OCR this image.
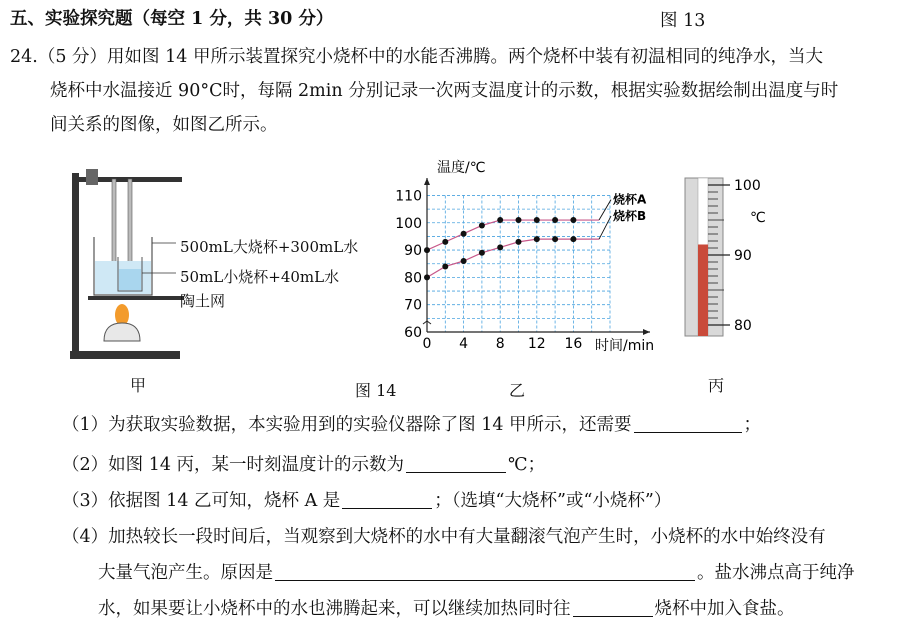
五、实验探究题（每空 1 分，共 30 分）	图 13
24.（5 分）用如图 14 甲所示装置探究小烧杯中的水能否沸腾。两个烧杯中装有初温相同的纯净水，当大
烧杯中水温接近 90°C时，每隔 2min 分别记录一次两支温度计的示数，根据实验数据绘制出温度与时
间关系的图像，如图乙所示。
500mL大烧杯+300mL水
50mL小烧杯+40mL水
陶土网
甲	图 14
温度/℃
时间/min
0 4 8 12 16
60
70
80
90
100
110	烧杯A
烧杯B
乙
100
90
80
℃
丙
（1）为获取实验数据，本实验用到的实验仪器除了图 14 甲所示，还需要	；
（2）如图 14 丙，某一时刻温度计的示数为	℃；
（3）依据图 14 乙可知，烧杯 A 是	；（选填“大烧杯”或“小烧杯”）
（4）加热较长一段时间后，当观察到大烧杯的水中有大量翻滚气泡产生时，小烧杯的水中始终没有
大量气泡产生。原因是	。盐水沸点高于纯净
水，如果要让小烧杯中的水也沸腾起来，可以继续加热同时往	烧杯中加入食盐。
